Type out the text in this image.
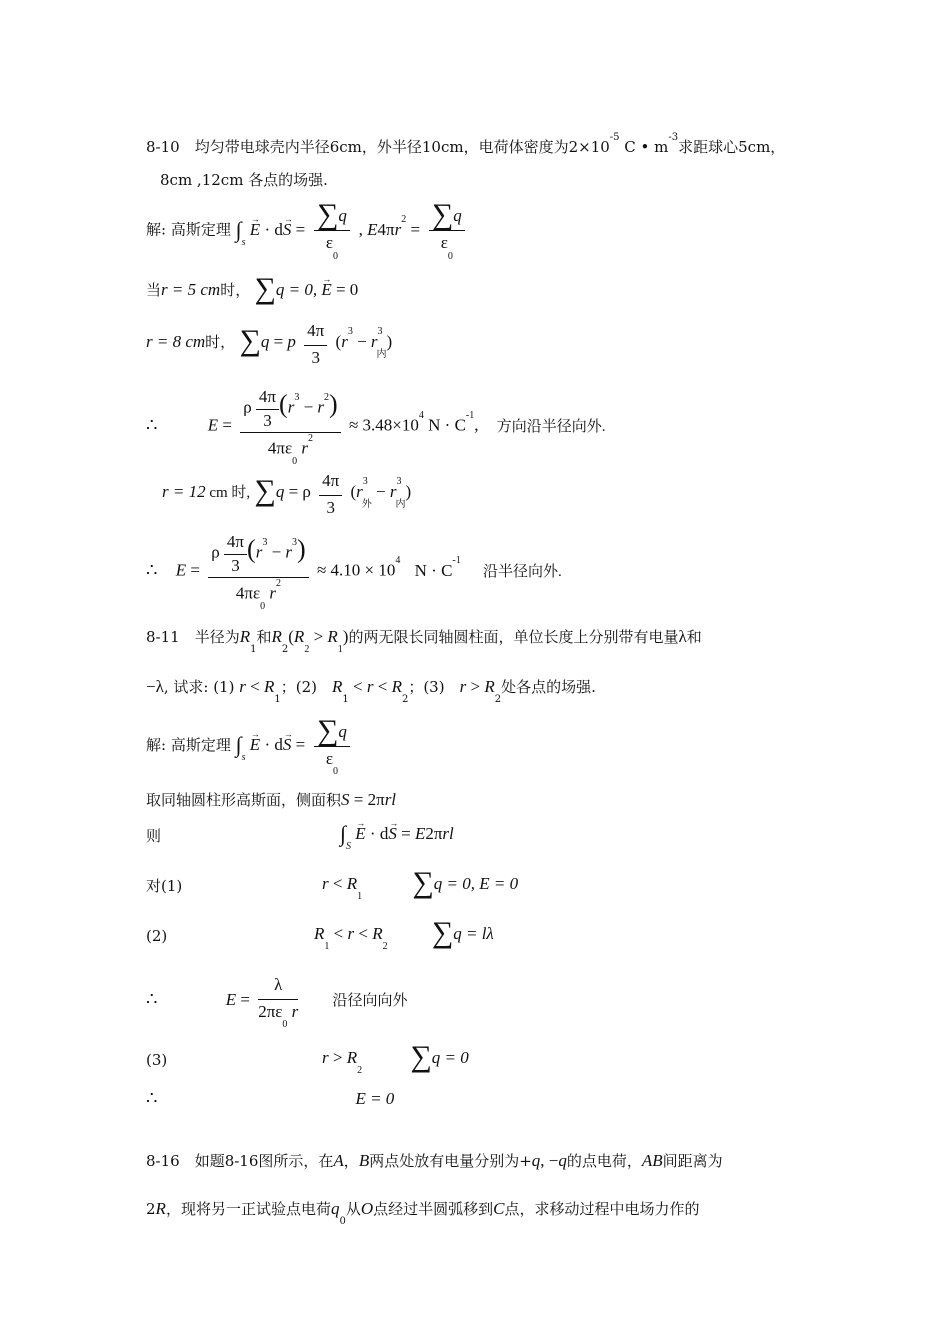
8-10　均匀带电球壳内半径6cm，外半径10cm，电荷体密度为$2\times 10^{-5}$ C • $m^{-3}$求距球心5cm，
8cm ,12cm 各点的场强.
解: 高斯定理 $\int_s \to E \cdot d\to S = \frac{\sum q}{\varepsilon_0}$ , $E4\pi r^2 = \frac{\sum q}{\varepsilon_0}$
当r = 5 cm时， ∑q = 0, → E = 0
r = 8 cm时， ∑q = p $\frac{4\pi}{3} (r^3 - r^3_内)$
∴	$E = \frac{\rho \frac{4\pi}{3} (r^3 - r^2)}{4\pi\varepsilon_0 r^2} \approx 3.48\times 10^4$ $N \cdot C^{-1}$, 方向沿半径向外.
r = 12 cm 时, ∑q = ρ $\frac{4\pi}{3} (r^3_外 - r^3_内)$
∴ $E = \frac{\rho \frac{4\pi}{3} (r^3 - r^3)}{4\pi\varepsilon_0 r^2} \approx 4.10 \times 10^4$ $N \cdot C^{-1}$ 沿半径向外.
8-11　半径为$R_1$和$R_2(R_2 > R_1)$的两无限长同轴圆柱面，单位长度上分别带有电量λ和
−λ, 试求: (1) $r < R_1$；(2)　 $R_1 < r < R_2$；(3)　 $r > R_2$处各点的场强.
解: 高斯定理 $\int_s \to E \cdot d\to S = \frac{\sum q}{\varepsilon_0}$
取同轴圆柱形高斯面，侧面积S = 2πrl
则	$\int_S \to E \cdot d\to S = E2\pi rl$
对(1)	$r < R_1$ ∑q = 0, E = 0
(2)	$R_1 < r < R_2$ ∑q = lλ
∴	$E = \frac{\lambda}{2\pi\varepsilon_0 r}$ 沿径向向外
(3)	$r > R_2$ ∑q = 0
∴	E = 0
8-16　如题8-16图所示，在A，B两点处放有电量分别为+q, −q的点电荷，AB间距离为
2R，现将另一正试验点电荷$q_0$从O点经过半圆弧移到C点，求移动过程中电场力作的
